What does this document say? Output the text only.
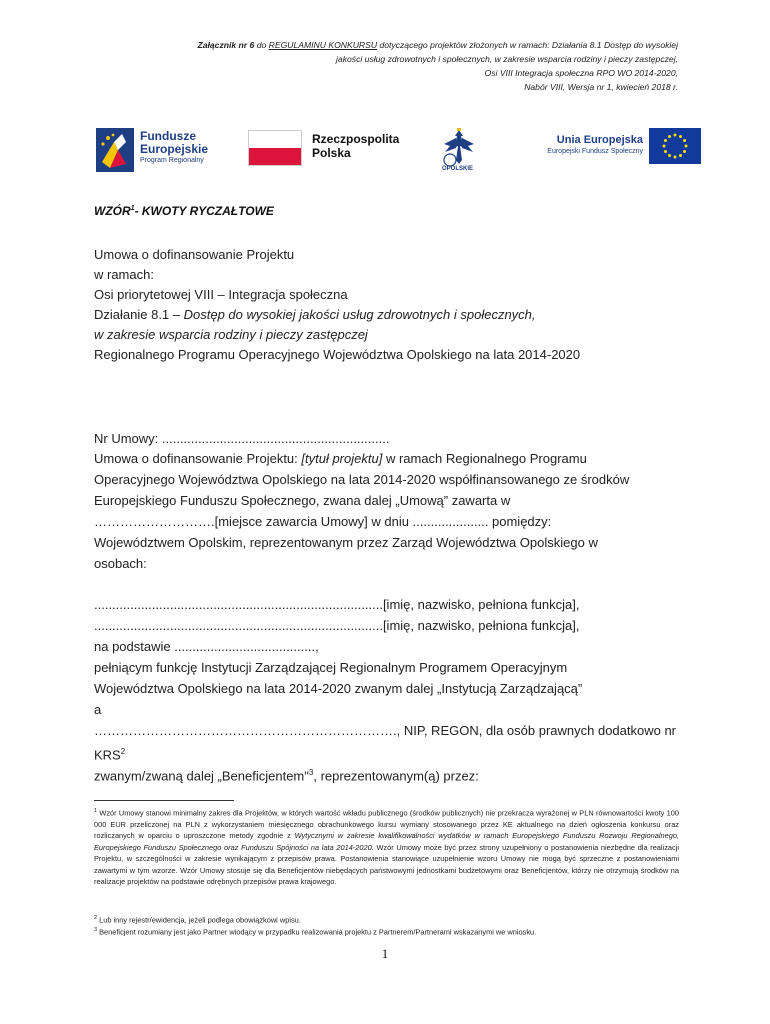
Załącznik nr 6 do REGULAMINU KONKURSU dotyczącego projektów złożonych w ramach: Działania 8.1 Dostęp do wysokiej
jakości usług zdrowotnych i społecznych, w zakresie wsparcia rodziny i pieczy zastępczej,
Osi VIII Integracja społeczna RPO WO 2014-2020,
Nabór VIII, Wersja nr 1, kwiecień 2018 r.
Fundusze
Europejskie
Program Regionalny
Rzeczpospolita
Polska
OPOLSKIE
Unia Europejska
Europejski Fundusz Społeczny
WZÓR$^1$- KWOTY RYCZAŁTOWE
Umowa o dofinansowanie Projektu
w ramach:
Osi priorytetowej VIII – Integracja społeczna
Działanie 8.1 – Dostęp do wysokiej jakości usług zdrowotnych i społecznych,
w zakresie wsparcia rodziny i pieczy zastępczej
Regionalnego Programu Operacyjnego Województwa Opolskiego na lata 2014-2020
Nr Umowy: ...............................................................
Umowa o dofinansowanie Projektu: [tytuł projektu] w ramach Regionalnego Programu
Operacyjnego Województwa Opolskiego na lata 2014-2020 współfinansowanego ze środków
Europejskiego Funduszu Społecznego, zwana dalej „Umową” zawarta w
……………………….[miejsce zawarcia Umowy] w dniu ..................... pomiędzy:
Województwem Opolskim, reprezentowanym przez Zarząd Województwa Opolskiego w
osobach:
................................................................................[imię, nazwisko, pełniona funkcja],
................................................................................[imię, nazwisko, pełniona funkcja],
na podstawie .......................................,
pełniącym funkcję Instytucji Zarządzającej Regionalnym Programem Operacyjnym
Województwa Opolskiego na lata 2014-2020 zwanym dalej „Instytucją Zarządzającą”
a
……………………………………………………………., NIP, REGON, dla osób prawnych dodatkowo nr
KRS$^2$
zwanym/zwaną dalej „Beneficjentem"$^3$, reprezentowanym(ą) przez:
$^1$ Wzór Umowy stanowi minimalny zakres dla Projektów, w których wartość wkładu publicznego (środków publicznych) nie przekracza wyrażonej w PLN równowartości kwoty 100 000 EUR przeliczonej na PLN z wykorzystaniem miesięcznego obrachunkowego kursu wymiany stosowanego przez KE aktualnego na dzień ogłoszenia konkursu oraz rozliczanych w oparciu o uproszczone metody zgodnie z Wytycznymi w zakresie kwalifikowalności wydatków w ramach Europejskiego Funduszu Rozwoju Regionalnego, Europejskiego Funduszu Społecznego oraz Funduszu Spójności na lata 2014-2020. Wzór Umowy może być przez strony uzupełniony o postanowienia niezbędne dla realizacji Projektu, w szczególności w zakresie wynikającym z przepisów prawa. Postanowienia stanowiące uzupełnienie wzoru Umowy nie mogą być sprzeczne z postanowieniami zawartymi w tym wzorze. Wzór Umowy stosuje się dla Beneficjentów niebędących państwowymi jednostkami budżetowymi oraz Beneficjentów, którzy nie otrzymują środków na realizacje projektów na podstawie odrębnych przepisów prawa krajowego.
$^2$ Lub inny rejestr/ewidencja, jeżeli podlega obowiązkowi wpisu.
$^3$ Beneficjent rozumiany jest jako Partner wiodący w przypadku realizowania projektu z Partnerem/Partnerami wskazanymi we wniosku.
1
